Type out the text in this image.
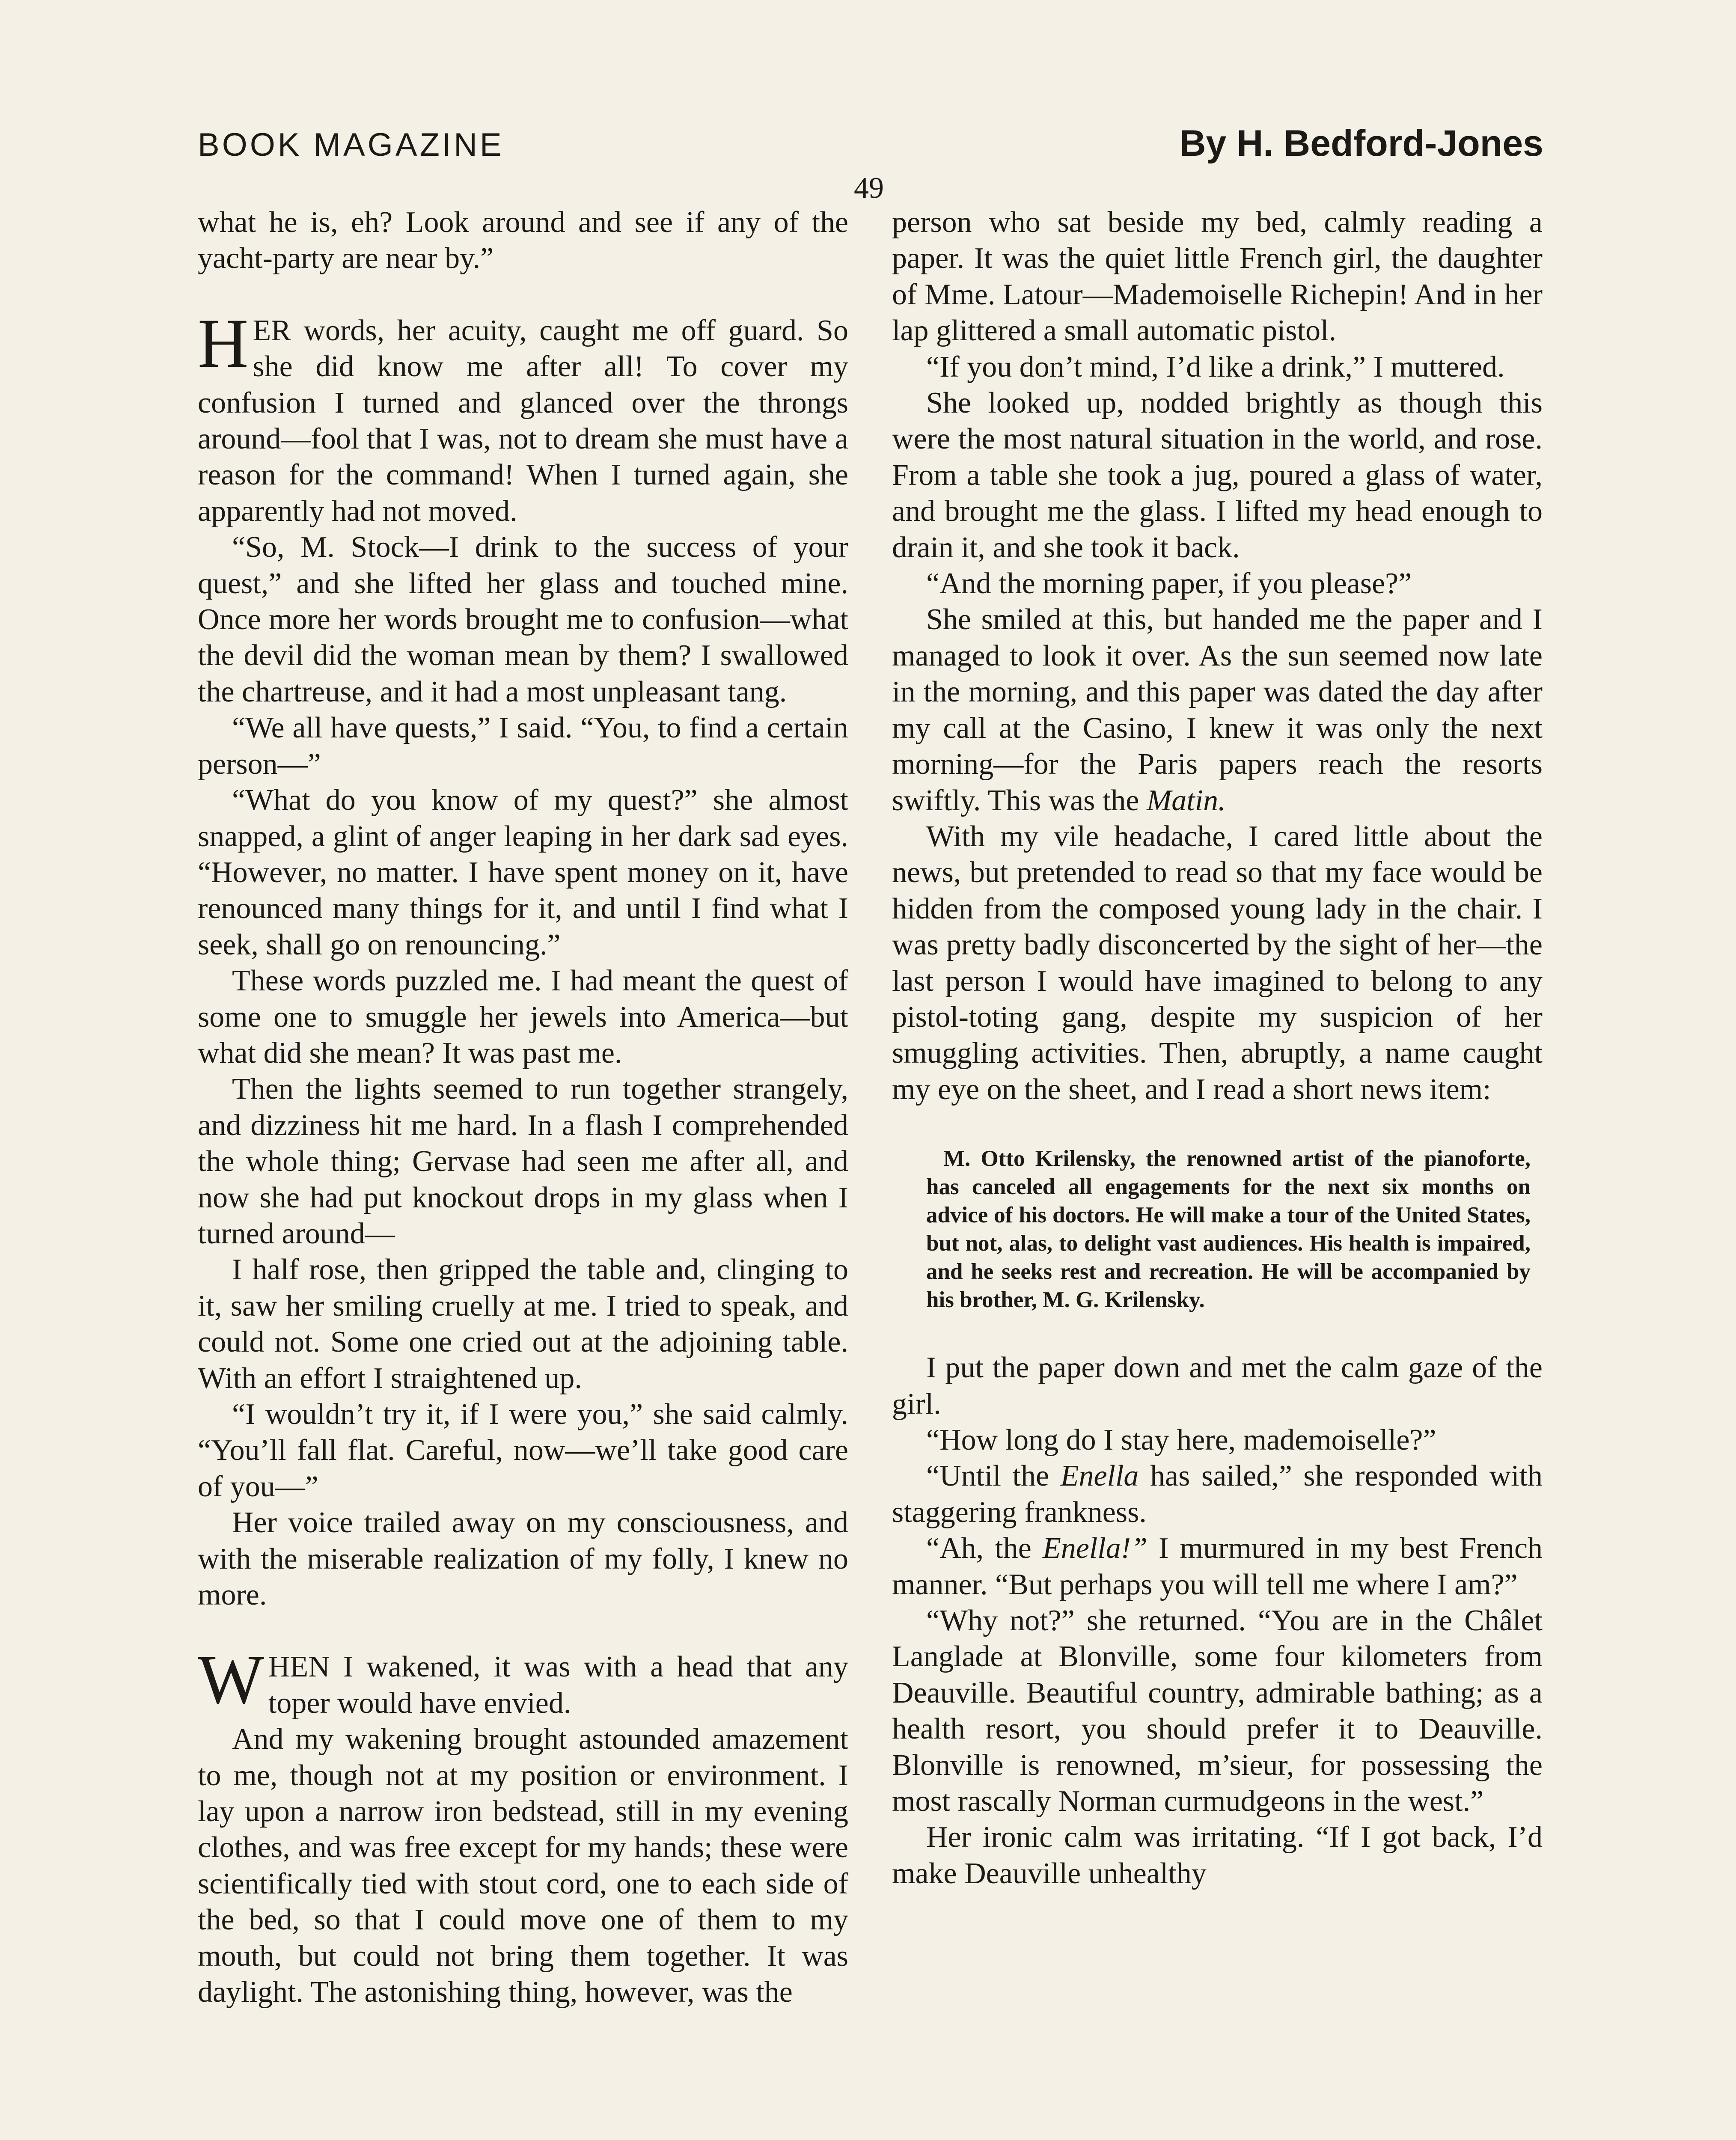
BOOK MAGAZINE	By H. Bedford-Jones
49

what he is, eh? Look around and see if any of the yacht-party are near by.”

HER words, her acuity, caught me off guard. So she did know me after all! To cover my confusion I turned and glanced over the throngs around—fool that I was, not to dream she must have a reason for the command! When I turned again, she apparently had not moved.

“So, M. Stock—I drink to the success of your quest,” and she lifted her glass and touched mine. Once more her words brought me to confusion—what the devil did the woman mean by them? I swallowed the chartreuse, and it had a most unpleasant tang.

“We all have quests,” I said. “You, to find a certain person—”

“What do you know of my quest?” she almost snapped, a glint of anger leaping in her dark sad eyes. “However, no matter. I have spent money on it, have renounced many things for it, and until I find what I seek, shall go on renouncing.”

These words puzzled me. I had meant the quest of some one to smuggle her jewels into America—but what did she mean? It was past me.

Then the lights seemed to run together strangely, and dizziness hit me hard. In a flash I comprehended the whole thing; Gervase had seen me after all, and now she had put knockout drops in my glass when I turned around—

I half rose, then gripped the table and, clinging to it, saw her smiling cruelly at me. I tried to speak, and could not. Some one cried out at the adjoining table. With an effort I straightened up.

“I wouldn’t try it, if I were you,” she said calmly. “You’ll fall flat. Careful, now—we’ll take good care of you—”

Her voice trailed away on my consciousness, and with the miserable realization of my folly, I knew no more.

WHEN I wakened, it was with a head that any toper would have envied.

And my wakening brought astounded amazement to me, though not at my position or environment. I lay upon a narrow iron bedstead, still in my evening clothes, and was free except for my hands; these were scientifically tied with stout cord, one to each side of the bed, so that I could move one of them to my mouth, but could not bring them together. It was daylight. The astonishing thing, however, was the

person who sat beside my bed, calmly reading a paper. It was the quiet little French girl, the daughter of Mme. Latour—Mademoiselle Richepin! And in her lap glittered a small automatic pistol.

“If you don’t mind, I’d like a drink,” I muttered.

She looked up, nodded brightly as though this were the most natural situation in the world, and rose. From a table she took a jug, poured a glass of water, and brought me the glass. I lifted my head enough to drain it, and she took it back.

“And the morning paper, if you please?”

She smiled at this, but handed me the paper and I managed to look it over. As the sun seemed now late in the morning, and this paper was dated the day after my call at the Casino, I knew it was only the next morning—for the Paris papers reach the resorts swiftly. This was the Matin.

With my vile headache, I cared little about the news, but pretended to read so that my face would be hidden from the composed young lady in the chair. I was pretty badly disconcerted by the sight of her—the last person I would have imagined to belong to any pistol-toting gang, despite my suspicion of her smuggling activities. Then, abruptly, a name caught my eye on the sheet, and I read a short news item:

M. Otto Krilensky, the renowned artist of the pianoforte, has canceled all engagements for the next six months on advice of his doctors. He will make a tour of the United States, but not, alas, to delight vast audiences. His health is impaired, and he seeks rest and recreation. He will be accompanied by his brother, M. G. Krilensky.

I put the paper down and met the calm gaze of the girl.

“How long do I stay here, mademoiselle?”

“Until the Enella has sailed,” she responded with staggering frankness.

“Ah, the Enella!” I murmured in my best French manner. “But perhaps you will tell me where I am?”

“Why not?” she returned. “You are in the Châlet Langlade at Blonville, some four kilometers from Deauville. Beautiful country, admirable bathing; as a health resort, you should prefer it to Deauville. Blonville is renowned, m’sieur, for possessing the most rascally Norman curmudgeons in the west.”

Her ironic calm was irritating. “If I got back, I’d make Deauville unhealthy
